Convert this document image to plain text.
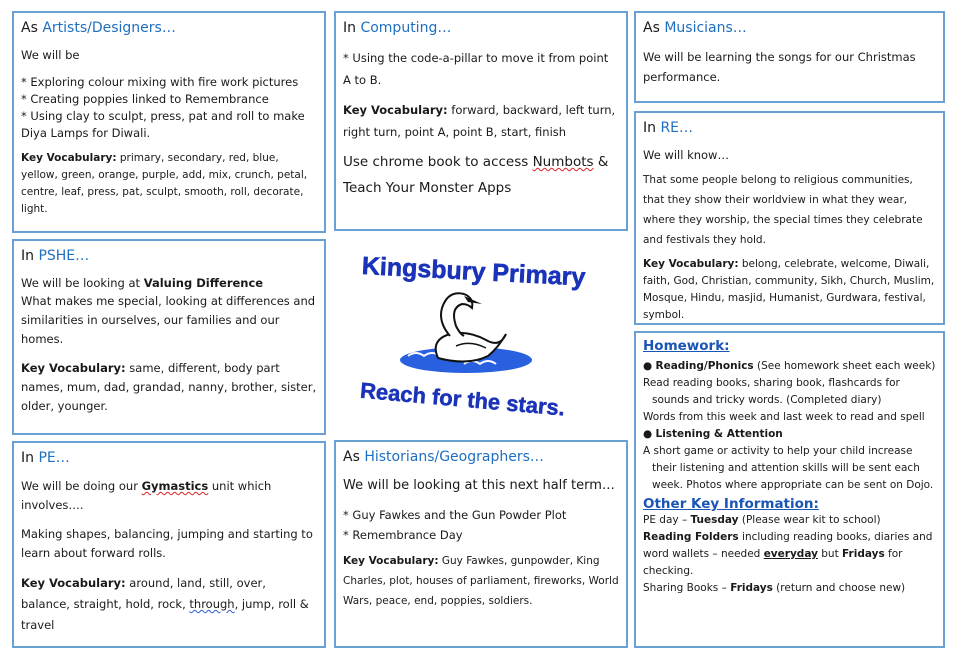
As Artists/Designers…

We will be

* Exploring colour mixing with fire work pictures

* Creating poppies linked to Remembrance

* Using clay to sculpt, press, pat and roll to make Diya Lamps for Diwali.

Key Vocabulary: primary, secondary, red, blue, yellow, green, orange, purple, add, mix, crunch, petal, centre, leaf, press, pat, sculpt, smooth, roll, decorate, light.

In Computing…

* Using the code-a-pillar to move it from point A to B.

Key Vocabulary: forward, backward, left turn, right turn, point A, point B, start, finish

Use chrome book to access Numbots & Teach Your Monster Apps

As Musicians…

We will be learning the songs for our Christmas performance.

In RE…

We will know…

That some people belong to religious communities, that they show their worldview in what they wear, where they worship, the special times they celebrate and festivals they hold.

Key Vocabulary: belong, celebrate, welcome, Diwali, faith, God, Christian, community, Sikh, Church, Muslim, Mosque, Hindu, masjid, Humanist, Gurdwara, festival, symbol.

In PSHE…

We will be looking at Valuing Difference

What makes me special, looking at differences and similarities in ourselves, our families and our homes.

Key Vocabulary: same, different, body part names, mum, dad, grandad, nanny, brother, sister, older, younger.

Kingsbury Primary
Reach for the stars.
In PE…

We will be doing our Gymastics unit which involves….

Making shapes, balancing, jumping and starting to learn about forward rolls.

Key Vocabulary: around, land, still, over, balance, straight, hold, rock, through, jump, roll & travel

As Historians/Geographers…

We will be looking at this next half term…

* Guy Fawkes and the Gun Powder Plot

* Remembrance Day

Key Vocabulary: Guy Fawkes, gunpowder, King Charles, plot, houses of parliament, fireworks, World Wars, peace, end, poppies, soldiers.

Homework:

● Reading/Phonics (See homework sheet each week)

Read reading books, sharing book, flashcards for

sounds and tricky words. (Completed diary)

Words from this week and last week to read and spell

● Listening & Attention

A short game or activity to help your child increase

their listening and attention skills will be sent each

week. Photos where appropriate can be sent on Dojo.

Other Key Information:

PE day – Tuesday (Please wear kit to school)

Reading Folders including reading books, diaries and word wallets – needed everyday but Fridays for checking.

Sharing Books – Fridays (return and choose new)
